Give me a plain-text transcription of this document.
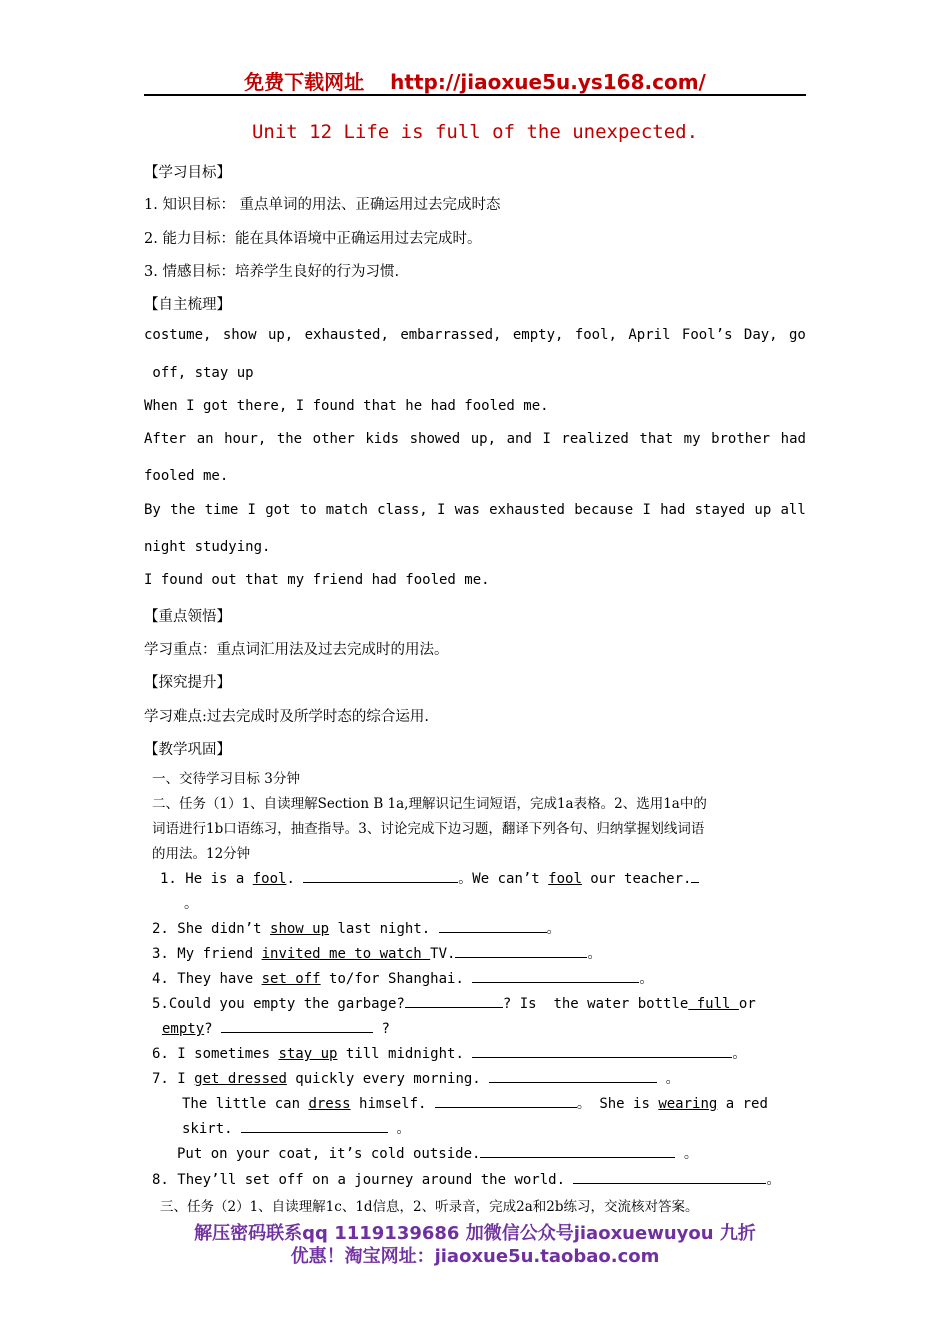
免费下载网址 http://jiaoxue5u.ys168.com/
Unit 12 Life is full of the unexpected.
【学习目标】
1. 知识目标： 重点单词的用法、正确运用过去完成时态
2. 能力目标：能在具体语境中正确运用过去完成时。
3. 情感目标：培养学生良好的行为习惯.
【自主梳理】
costume, show up, exhausted, embarrassed, empty, fool, April Fool’s Day, go
off, stay up
When I got there, I found that he had fooled me.
After an hour, the other kids showed up, and I realized that my brother had
fooled me.
By the time I got to match class, I was exhausted because I had stayed up all
night studying.
I found out that my friend had fooled me.
【重点领悟】
学习重点：重点词汇用法及过去完成时的用法。
【探究提升】
学习难点:过去完成时及所学时态的综合运用.
【教学巩固】
一、交待学习目标 3分钟
二、任务（1）1、自读理解Section B 1a,理解识记生词短语，完成1a表格。2、选用1a中的
词语进行1b口语练习，抽查指导。3、讨论完成下边习题，翻译下列各句、归纳掌握划线词语
的用法。12分钟
1. He is a fool.	。We can’t fool our teacher.
。
2. She didn’t show up last night.	。
3. My friend invited me to watch TV.	。
4. They have set off to/for Shanghai.	。
5.Could you empty the garbage?	? Is  the water bottle full or
empty?	?
6. I sometimes stay up till midnight.	。
7. I get dressed quickly every morning.	。
The little can dress himself.	。 She is wearing a red
skirt.	。
Put on your coat, it’s cold outside.	。
8. They’ll set off on a journey around the world.	。
三、任务（2）1、自读理解1c、1d信息，2、听录音，完成2a和2b练习，交流核对答案。
解压密码联系qq 1119139686 加微信公众号jiaoxuewuyou 九折
优惠！淘宝网址：jiaoxue5u.taobao.com
